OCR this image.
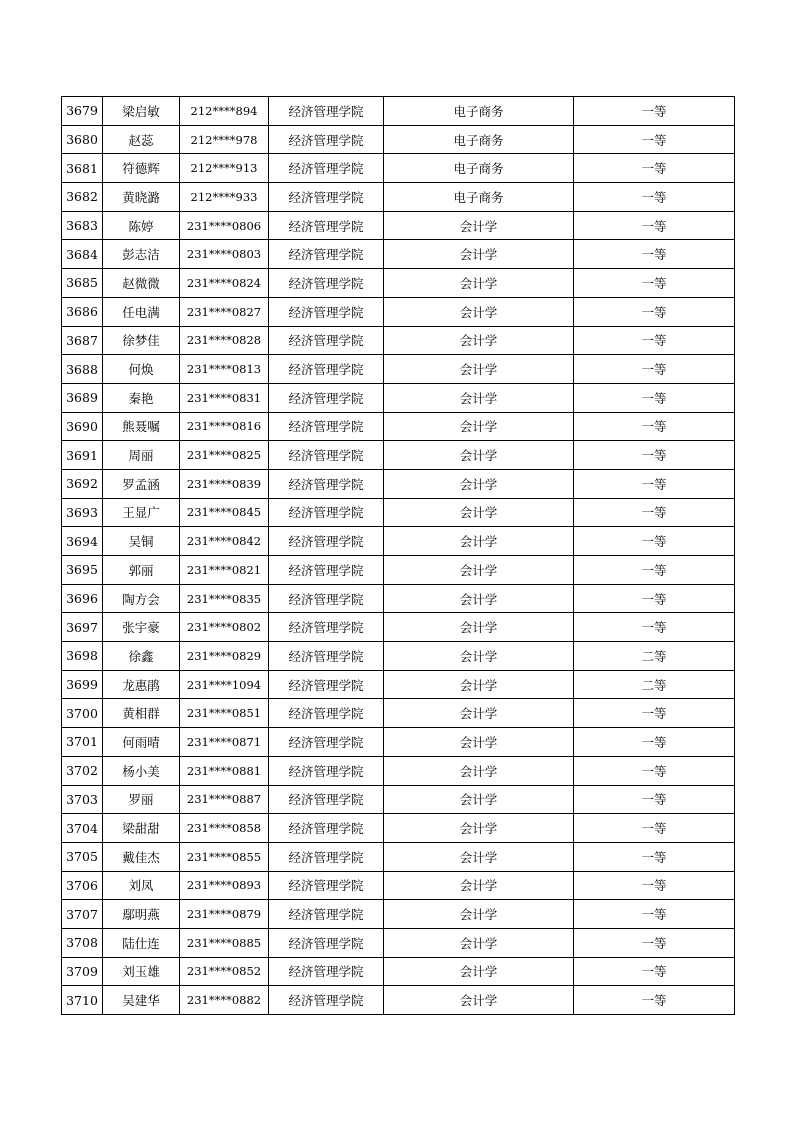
3679	梁启敏	212****894	经济管理学院	电子商务	一等
3680	赵蕊	212****978	经济管理学院	电子商务	一等
3681	符德辉	212****913	经济管理学院	电子商务	一等
3682	黄晓潞	212****933	经济管理学院	电子商务	一等
3683	陈婷	231****0806	经济管理学院	会计学	一等
3684	彭志洁	231****0803	经济管理学院	会计学	一等
3685	赵微微	231****0824	经济管理学院	会计学	一等
3686	任电满	231****0827	经济管理学院	会计学	一等
3687	徐梦佳	231****0828	经济管理学院	会计学	一等
3688	何焕	231****0813	经济管理学院	会计学	一等
3689	秦艳	231****0831	经济管理学院	会计学	一等
3690	熊聂嘱	231****0816	经济管理学院	会计学	一等
3691	周丽	231****0825	经济管理学院	会计学	一等
3692	罗孟涵	231****0839	经济管理学院	会计学	一等
3693	王显广	231****0845	经济管理学院	会计学	一等
3694	吴铜	231****0842	经济管理学院	会计学	一等
3695	郭丽	231****0821	经济管理学院	会计学	一等
3696	陶方会	231****0835	经济管理学院	会计学	一等
3697	张宇豪	231****0802	经济管理学院	会计学	一等
3698	徐鑫	231****0829	经济管理学院	会计学	二等
3699	龙惠鹃	231****1094	经济管理学院	会计学	二等
3700	黄相群	231****0851	经济管理学院	会计学	一等
3701	何雨晴	231****0871	经济管理学院	会计学	一等
3702	杨小美	231****0881	经济管理学院	会计学	一等
3703	罗丽	231****0887	经济管理学院	会计学	一等
3704	梁甜甜	231****0858	经济管理学院	会计学	一等
3705	戴佳杰	231****0855	经济管理学院	会计学	一等
3706	刘凤	231****0893	经济管理学院	会计学	一等
3707	鄢明燕	231****0879	经济管理学院	会计学	一等
3708	陆仕连	231****0885	经济管理学院	会计学	一等
3709	刘玉雄	231****0852	经济管理学院	会计学	一等
3710	吴建华	231****0882	经济管理学院	会计学	一等
